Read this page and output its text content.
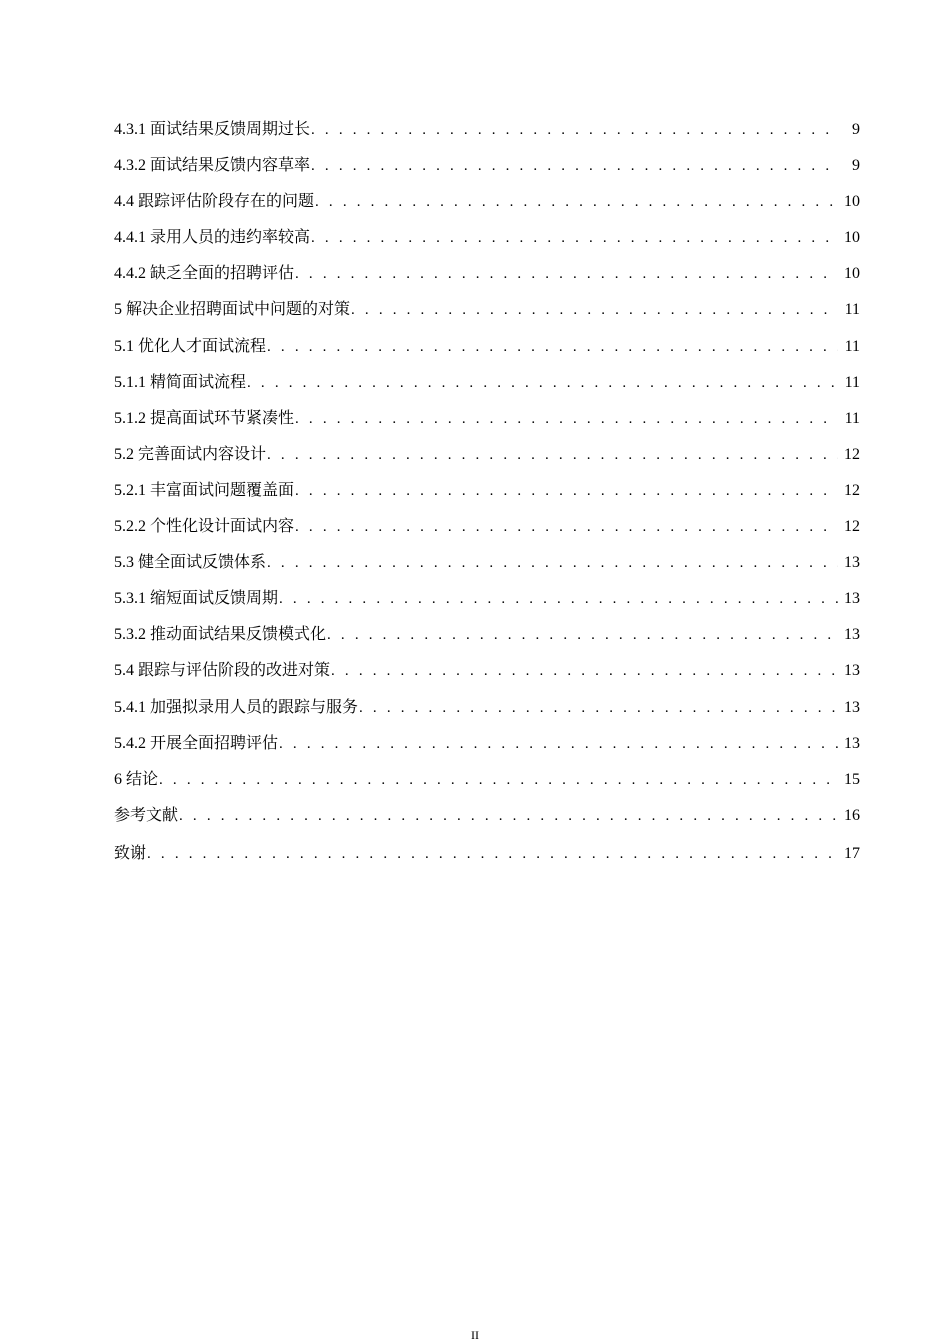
4.3.1 面试结果反馈周期过长 . . .	9
4.3.2 面试结果反馈内容草率 . . .	9
4.4 跟踪评估阶段存在的问题 . . .	10
4.4.1 录用人员的违约率较高 . . .	10
4.4.2 缺乏全面的招聘评估 . . .	10
5 解决企业招聘面试中问题的对策 . . .	11
5.1 优化人才面试流程 . . .	11
5.1.1 精简面试流程 . . .	11
5.1.2 提高面试环节紧凑性 . . .	11
5.2 完善面试内容设计 . . .	12
5.2.1 丰富面试问题覆盖面 . . .	12
5.2.2 个性化设计面试内容 . . .	12
5.3 健全面试反馈体系 . . .	13
5.3.1 缩短面试反馈周期 . . .	13
5.3.2 推动面试结果反馈模式化 . . .	13
5.4 跟踪与评估阶段的改进对策 . . .	13
5.4.1 加强拟录用人员的跟踪与服务 . . .	13
5.4.2 开展全面招聘评估 . . .	13
6 结论 . . .	15
参考文献 . . .	16
致谢 . . .	17
II
